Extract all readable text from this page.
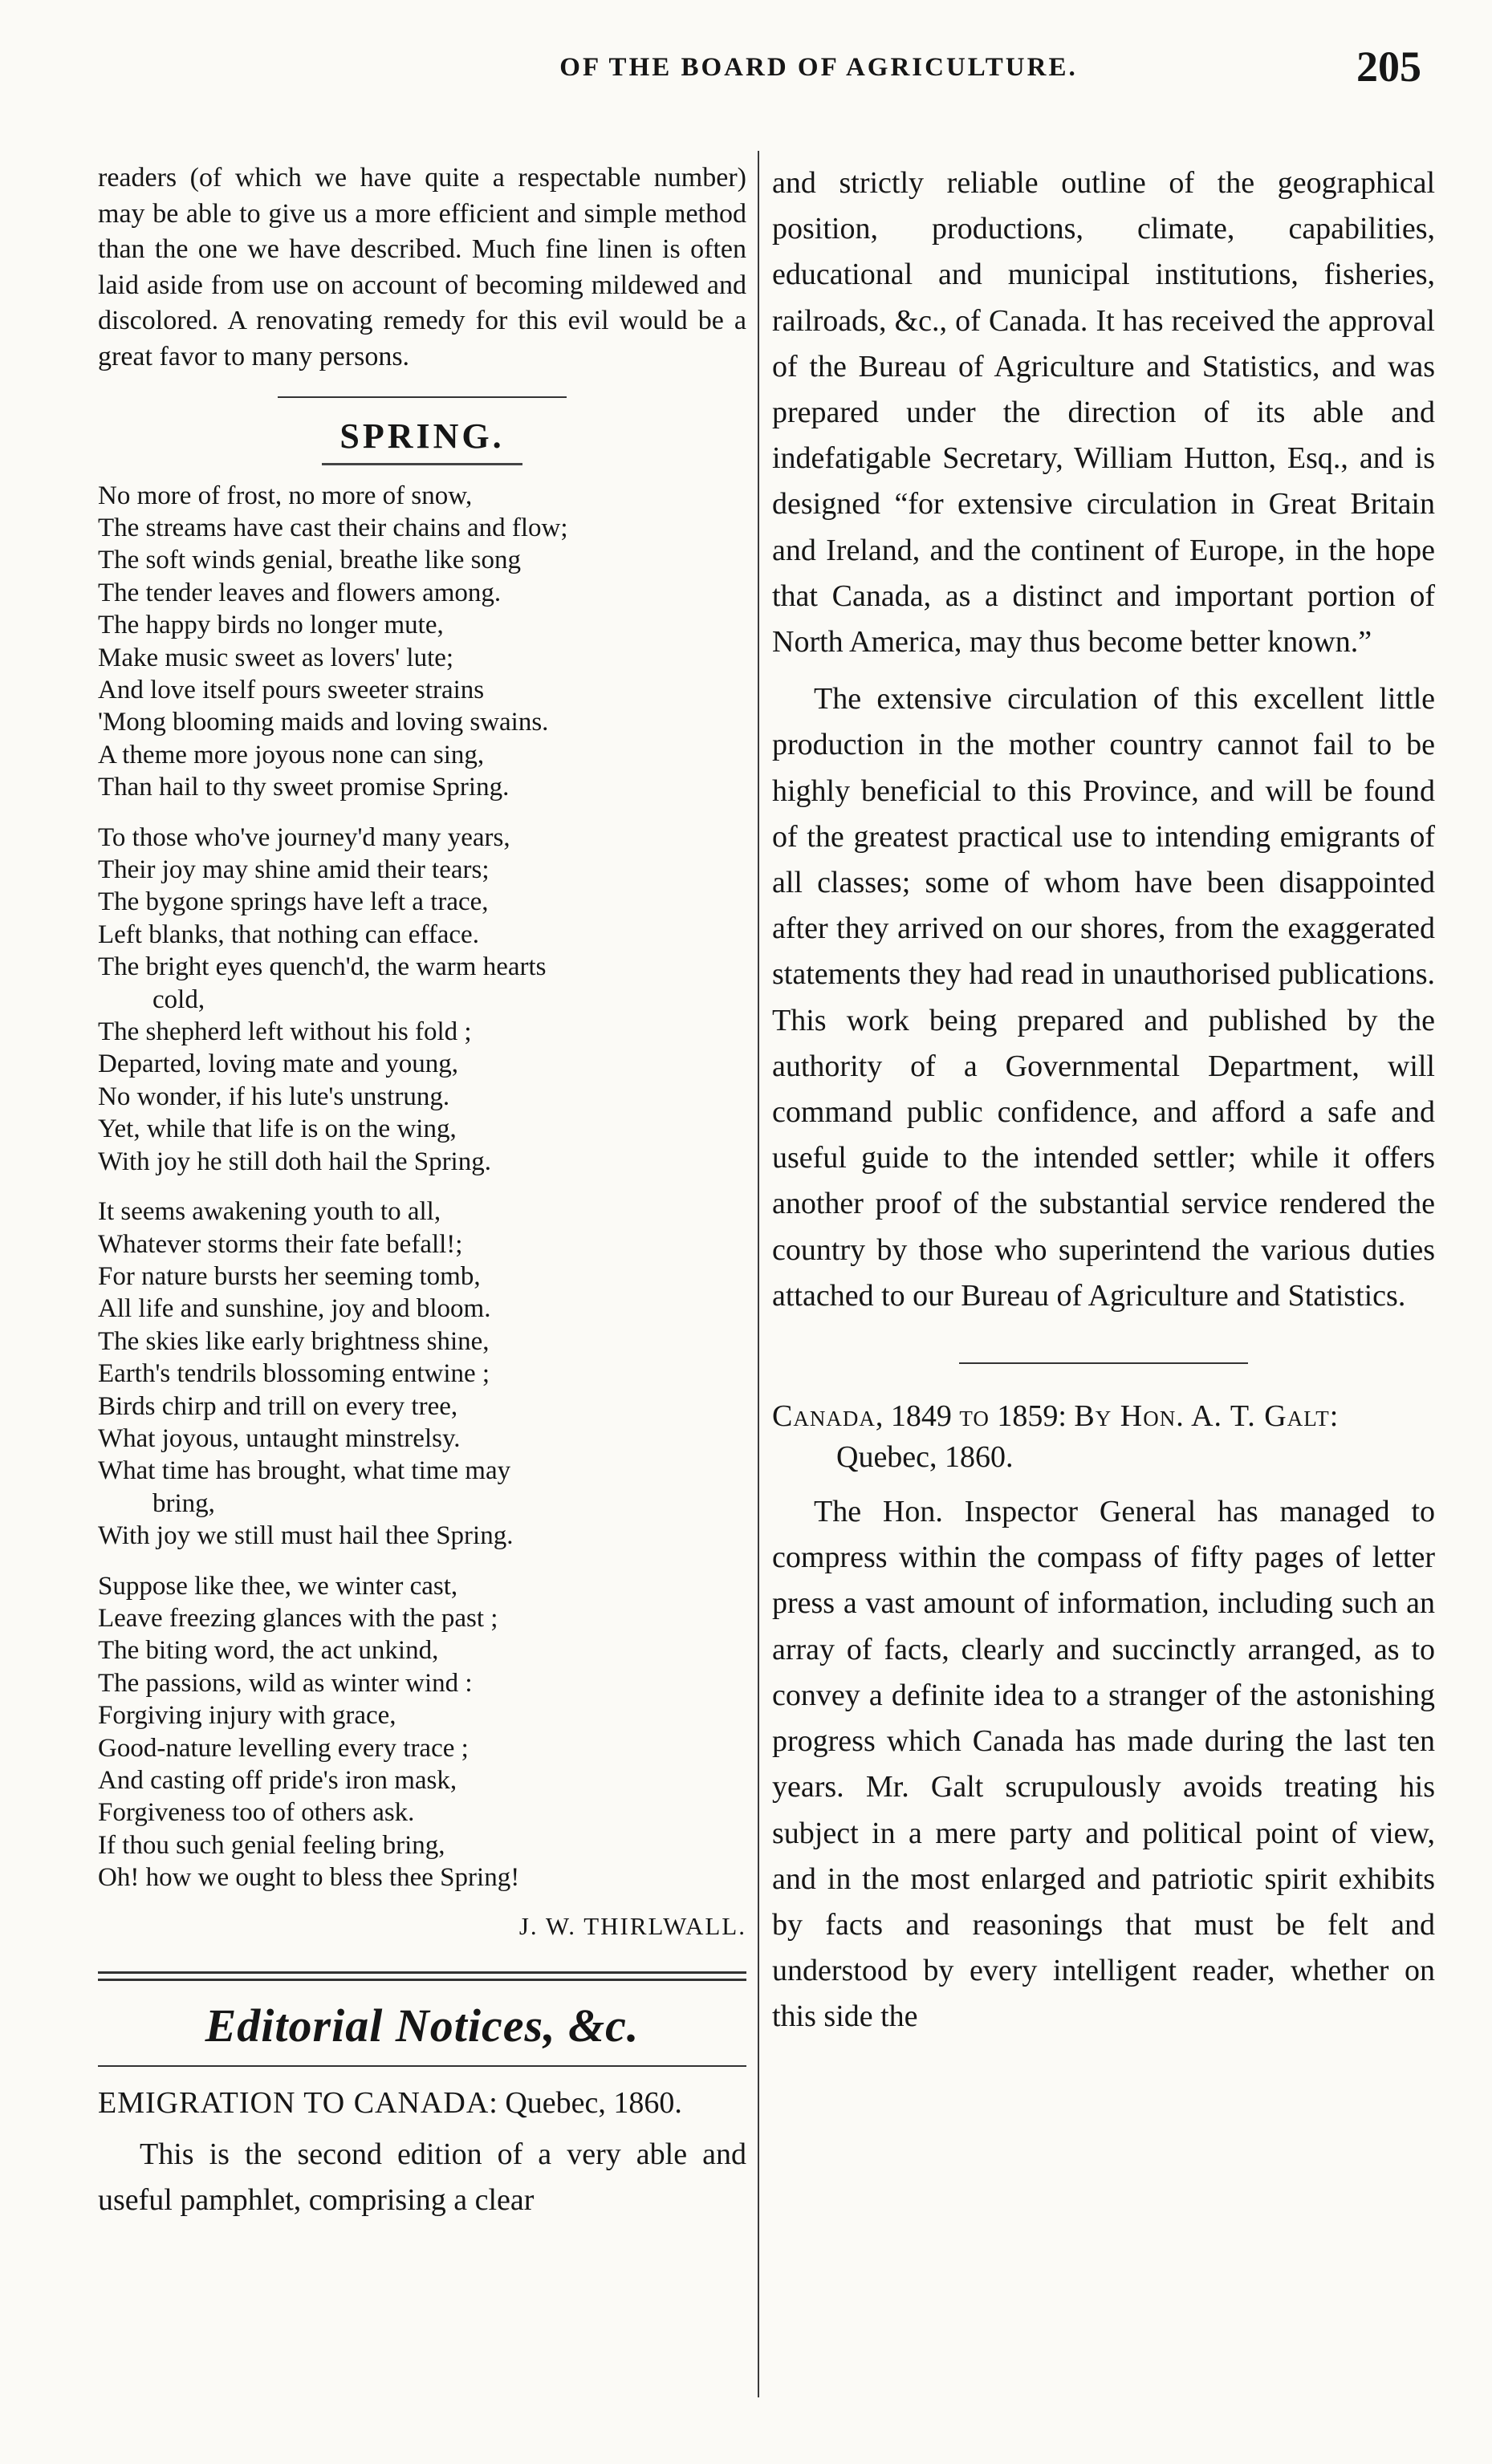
OF THE BOARD OF AGRICULTURE.	205

readers (of which we have quite a respectable number) may be able to give us a more efficient and simple method than the one we have described. Much fine linen is often laid aside from use on account of becoming mildewed and discolored. A renovating remedy for this evil would be a great favor to many persons.

SPRING.
No more of frost, no more of snow,
The streams have cast their chains and flow;
The soft winds genial, breathe like song
The tender leaves and flowers among.
The happy birds no longer mute,
Make music sweet as lovers' lute;
And love itself pours sweeter strains
'Mong blooming maids and loving swains.
A theme more joyous none can sing,
Than hail to thy sweet promise Spring.
To those who've journey'd many years,
Their joy may shine amid their tears;
The bygone springs have left a trace,
Left blanks, that nothing can efface.
The bright eyes quench'd, the warm hearts
cold,
The shepherd left without his fold ;
Departed, loving mate and young,
No wonder, if his lute's unstrung.
Yet, while that life is on the wing,
With joy he still doth hail the Spring.
It seems awakening youth to all,
Whatever storms their fate befall!;
For nature bursts her seeming tomb,
All life and sunshine, joy and bloom.
The skies like early brightness shine,
Earth's tendrils blossoming entwine ;
Birds chirp and trill on every tree,
What joyous, untaught minstrelsy.
What time has brought, what time may
bring,
With joy we still must hail thee Spring.
Suppose like thee, we winter cast,
Leave freezing glances with the past ;
The biting word, the act unkind,
The passions, wild as winter wind :
Forgiving injury with grace,
Good-nature levelling every trace ;
And casting off pride's iron mask,
Forgiveness too of others ask.
If thou such genial feeling bring,
Oh! how we ought to bless thee Spring!
J. W. THIRLWALL.
Editorial Notices, &c.

EMIGRATION TO CANADA: Quebec, 1860.

This is the second edition of a very able and useful pamphlet, comprising a clear

and strictly reliable outline of the geographical position, productions, climate, capabilities, educational and municipal institutions, fisheries, railroads, &c., of Canada. It has received the approval of the Bureau of Agriculture and Statistics, and was prepared under the direction of its able and indefatigable Secretary, William Hutton, Esq., and is designed “for extensive circulation in Great Britain and Ireland, and the continent of Europe, in the hope that Canada, as a distinct and important portion of North America, may thus become better known.”

The extensive circulation of this excellent little production in the mother country cannot fail to be highly beneficial to this Province, and will be found of the greatest practical use to intending emigrants of all classes; some of whom have been disappointed after they arrived on our shores, from the exaggerated statements they had read in unauthorised publications. This work being prepared and published by the authority of a Governmental Department, will command public confidence, and afford a safe and useful guide to the intended settler; while it offers another proof of the substantial service rendered the country by those who superintend the various duties attached to our Bureau of Agriculture and Statistics.

Canada, 1849 to 1859: By Hon. A. T. Galt: Quebec, 1860.

The Hon. Inspector General has managed to compress within the compass of fifty pages of letter press a vast amount of information, including such an array of facts, clearly and succinctly arranged, as to convey a definite idea to a stranger of the astonishing progress which Canada has made during the last ten years. Mr. Galt scrupulously avoids treating his subject in a mere party and political point of view, and in the most enlarged and patriotic spirit exhibits by facts and reasonings that must be felt and understood by every intelligent reader, whether on this side the
